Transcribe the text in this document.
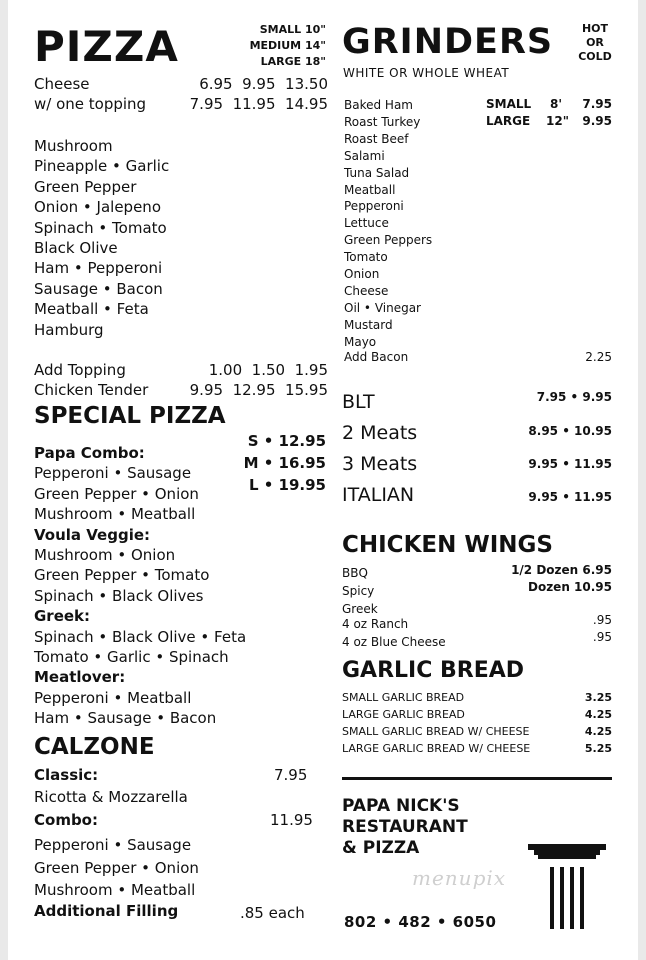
PIZZA	SMALL 10"
MEDIUM 14"
LARGE 18"
Cheese	6.95  9.95  13.50
w/ one topping	7.95  11.95  14.95
Mushroom
Pineapple • Garlic
Green Pepper
Onion • Jalepeno
Spinach • Tomato
Black Olive
Ham • Pepperoni
Sausage • Bacon
Meatball • Feta
Hamburg
Add Topping	1.00  1.50  1.95
Chicken Tender	9.95  12.95  15.95
SPECIAL PIZZA
S • 12.95
M • 16.95
L • 19.95
Papa Combo:
Pepperoni • Sausage
Green Pepper • Onion
Mushroom • Meatball
Voula Veggie:
Mushroom • Onion
Green Pepper • Tomato
Spinach • Black Olives
Greek:
Spinach • Black Olive • Feta
Tomato • Garlic • Spinach
Meatlover:
Pepperoni • Meatball
Ham • Sausage • Bacon
CALZONE
Classic:	7.95
Ricotta & Mozzarella
Combo:	11.95
Pepperoni • Sausage
Green Pepper • Onion
Mushroom • Meatball
Additional Filling	.85 each
GRINDERS	HOT
OR
COLD
WHITE OR WHOLE WHEAT
SMALL 8'	7.95
LARGE 12"	9.95
Baked Ham
Roast Turkey
Roast Beef
Salami
Tuna Salad
Meatball
Pepperoni
Lettuce
Green Peppers
Tomato
Onion
Cheese
Oil • Vinegar
Mustard
Mayo
Add Bacon	2.25
BLT	7.95 • 9.95
2 Meats	8.95 • 10.95
3 Meats	9.95 • 11.95
ITALIAN	9.95 • 11.95
CHICKEN WINGS
BBQ
Spicy
Greek
1/2 Dozen 6.95
Dozen 10.95
4 oz Ranch	.95
4 oz Blue Cheese	.95
GARLIC BREAD
SMALL GARLIC BREAD	3.25
LARGE GARLIC BREAD	4.25
SMALL GARLIC BREAD W/ CHEESE	4.25
LARGE GARLIC BREAD W/ CHEESE	5.25
PAPA NICK'S
RESTAURANT
& PIZZA
menupix
802 • 482 • 6050
